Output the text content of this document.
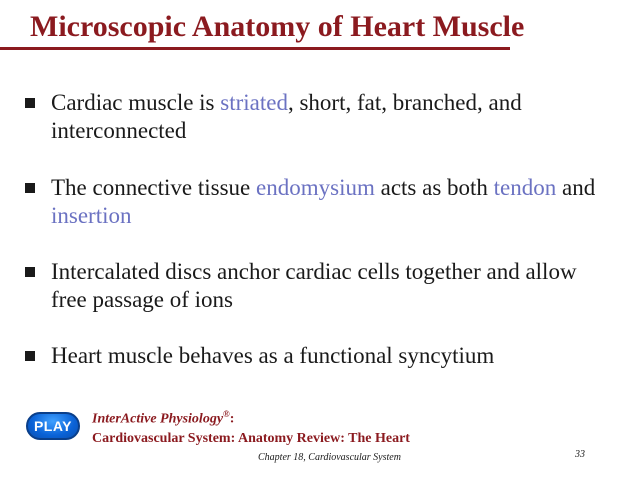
Microscopic Anatomy of Heart Muscle
Cardiac muscle is striated, short, fat, branched, and interconnected
The connective tissue endomysium acts as both tendon and insertion
Intercalated discs anchor cardiac cells together and allow free passage of ions
Heart muscle behaves as a functional syncytium
PLAY	InterActive Physiology®:
Cardiovascular System: Anatomy Review: The Heart
Chapter 18, Cardiovascular System	33
